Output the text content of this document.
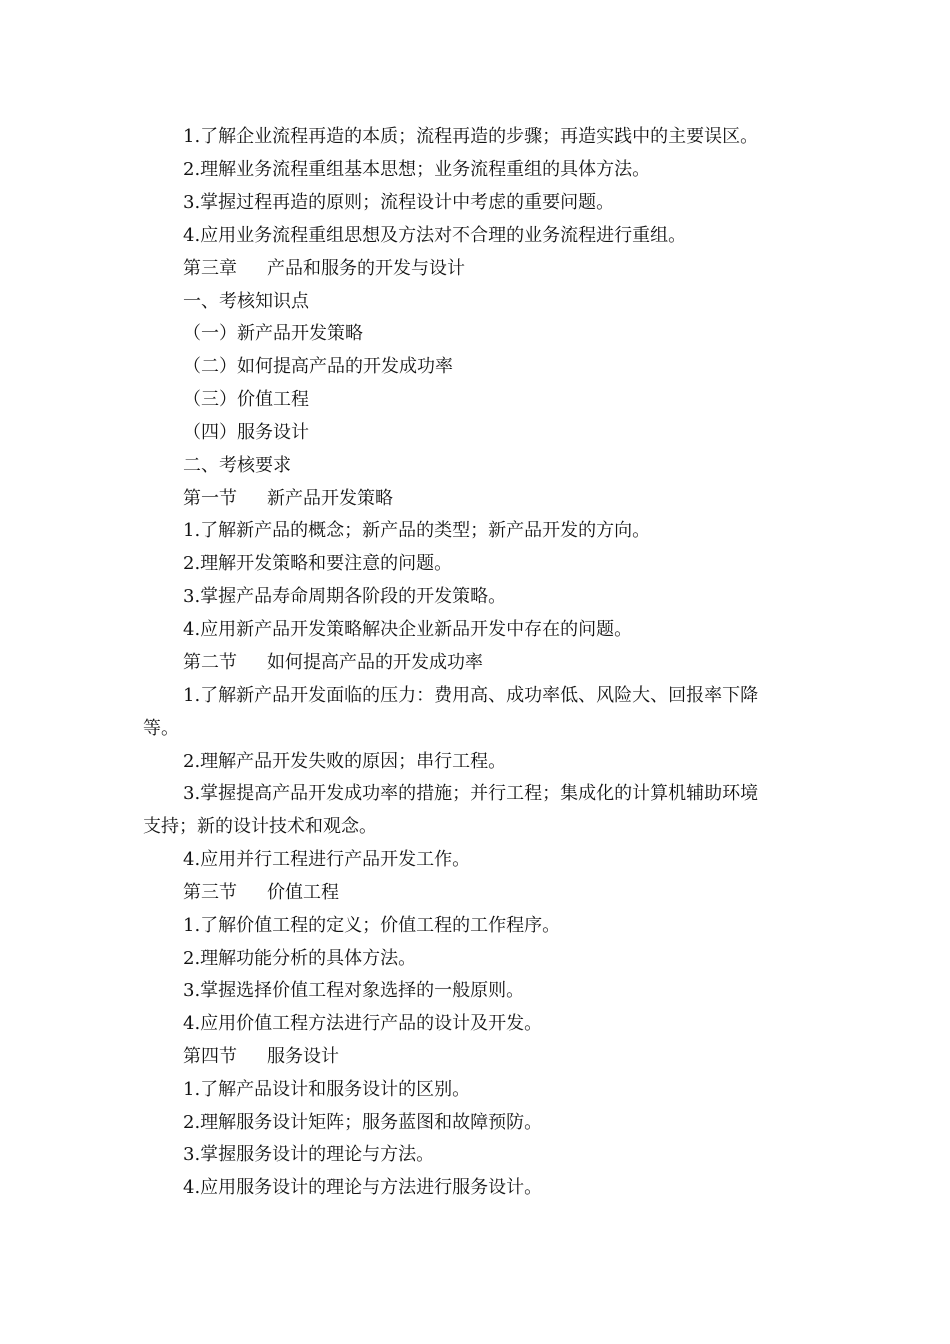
1.了解企业流程再造的本质；流程再造的步骤；再造实践中的主要误区。
2.理解业务流程重组基本思想；业务流程重组的具体方法。
3.掌握过程再造的原则；流程设计中考虑的重要问题。
4.应用业务流程重组思想及方法对不合理的业务流程进行重组。
第三章 产品和服务的开发与设计
一、考核知识点
（一）新产品开发策略
（二）如何提高产品的开发成功率
（三）价值工程
（四）服务设计
二、考核要求
第一节 新产品开发策略
1.了解新产品的概念；新产品的类型；新产品开发的方向。
2.理解开发策略和要注意的问题。
3.掌握产品寿命周期各阶段的开发策略。
4.应用新产品开发策略解决企业新品开发中存在的问题。
第二节 如何提高产品的开发成功率
1.了解新产品开发面临的压力：费用高、成功率低、风险大、回报率下降
等。
2.理解产品开发失败的原因；串行工程。
3.掌握提高产品开发成功率的措施；并行工程；集成化的计算机辅助环境
支持；新的设计技术和观念。
4.应用并行工程进行产品开发工作。
第三节 价值工程
1.了解价值工程的定义；价值工程的工作程序。
2.理解功能分析的具体方法。
3.掌握选择价值工程对象选择的一般原则。
4.应用价值工程方法进行产品的设计及开发。
第四节 服务设计
1.了解产品设计和服务设计的区别。
2.理解服务设计矩阵；服务蓝图和故障预防。
3.掌握服务设计的理论与方法。
4.应用服务设计的理论与方法进行服务设计。
